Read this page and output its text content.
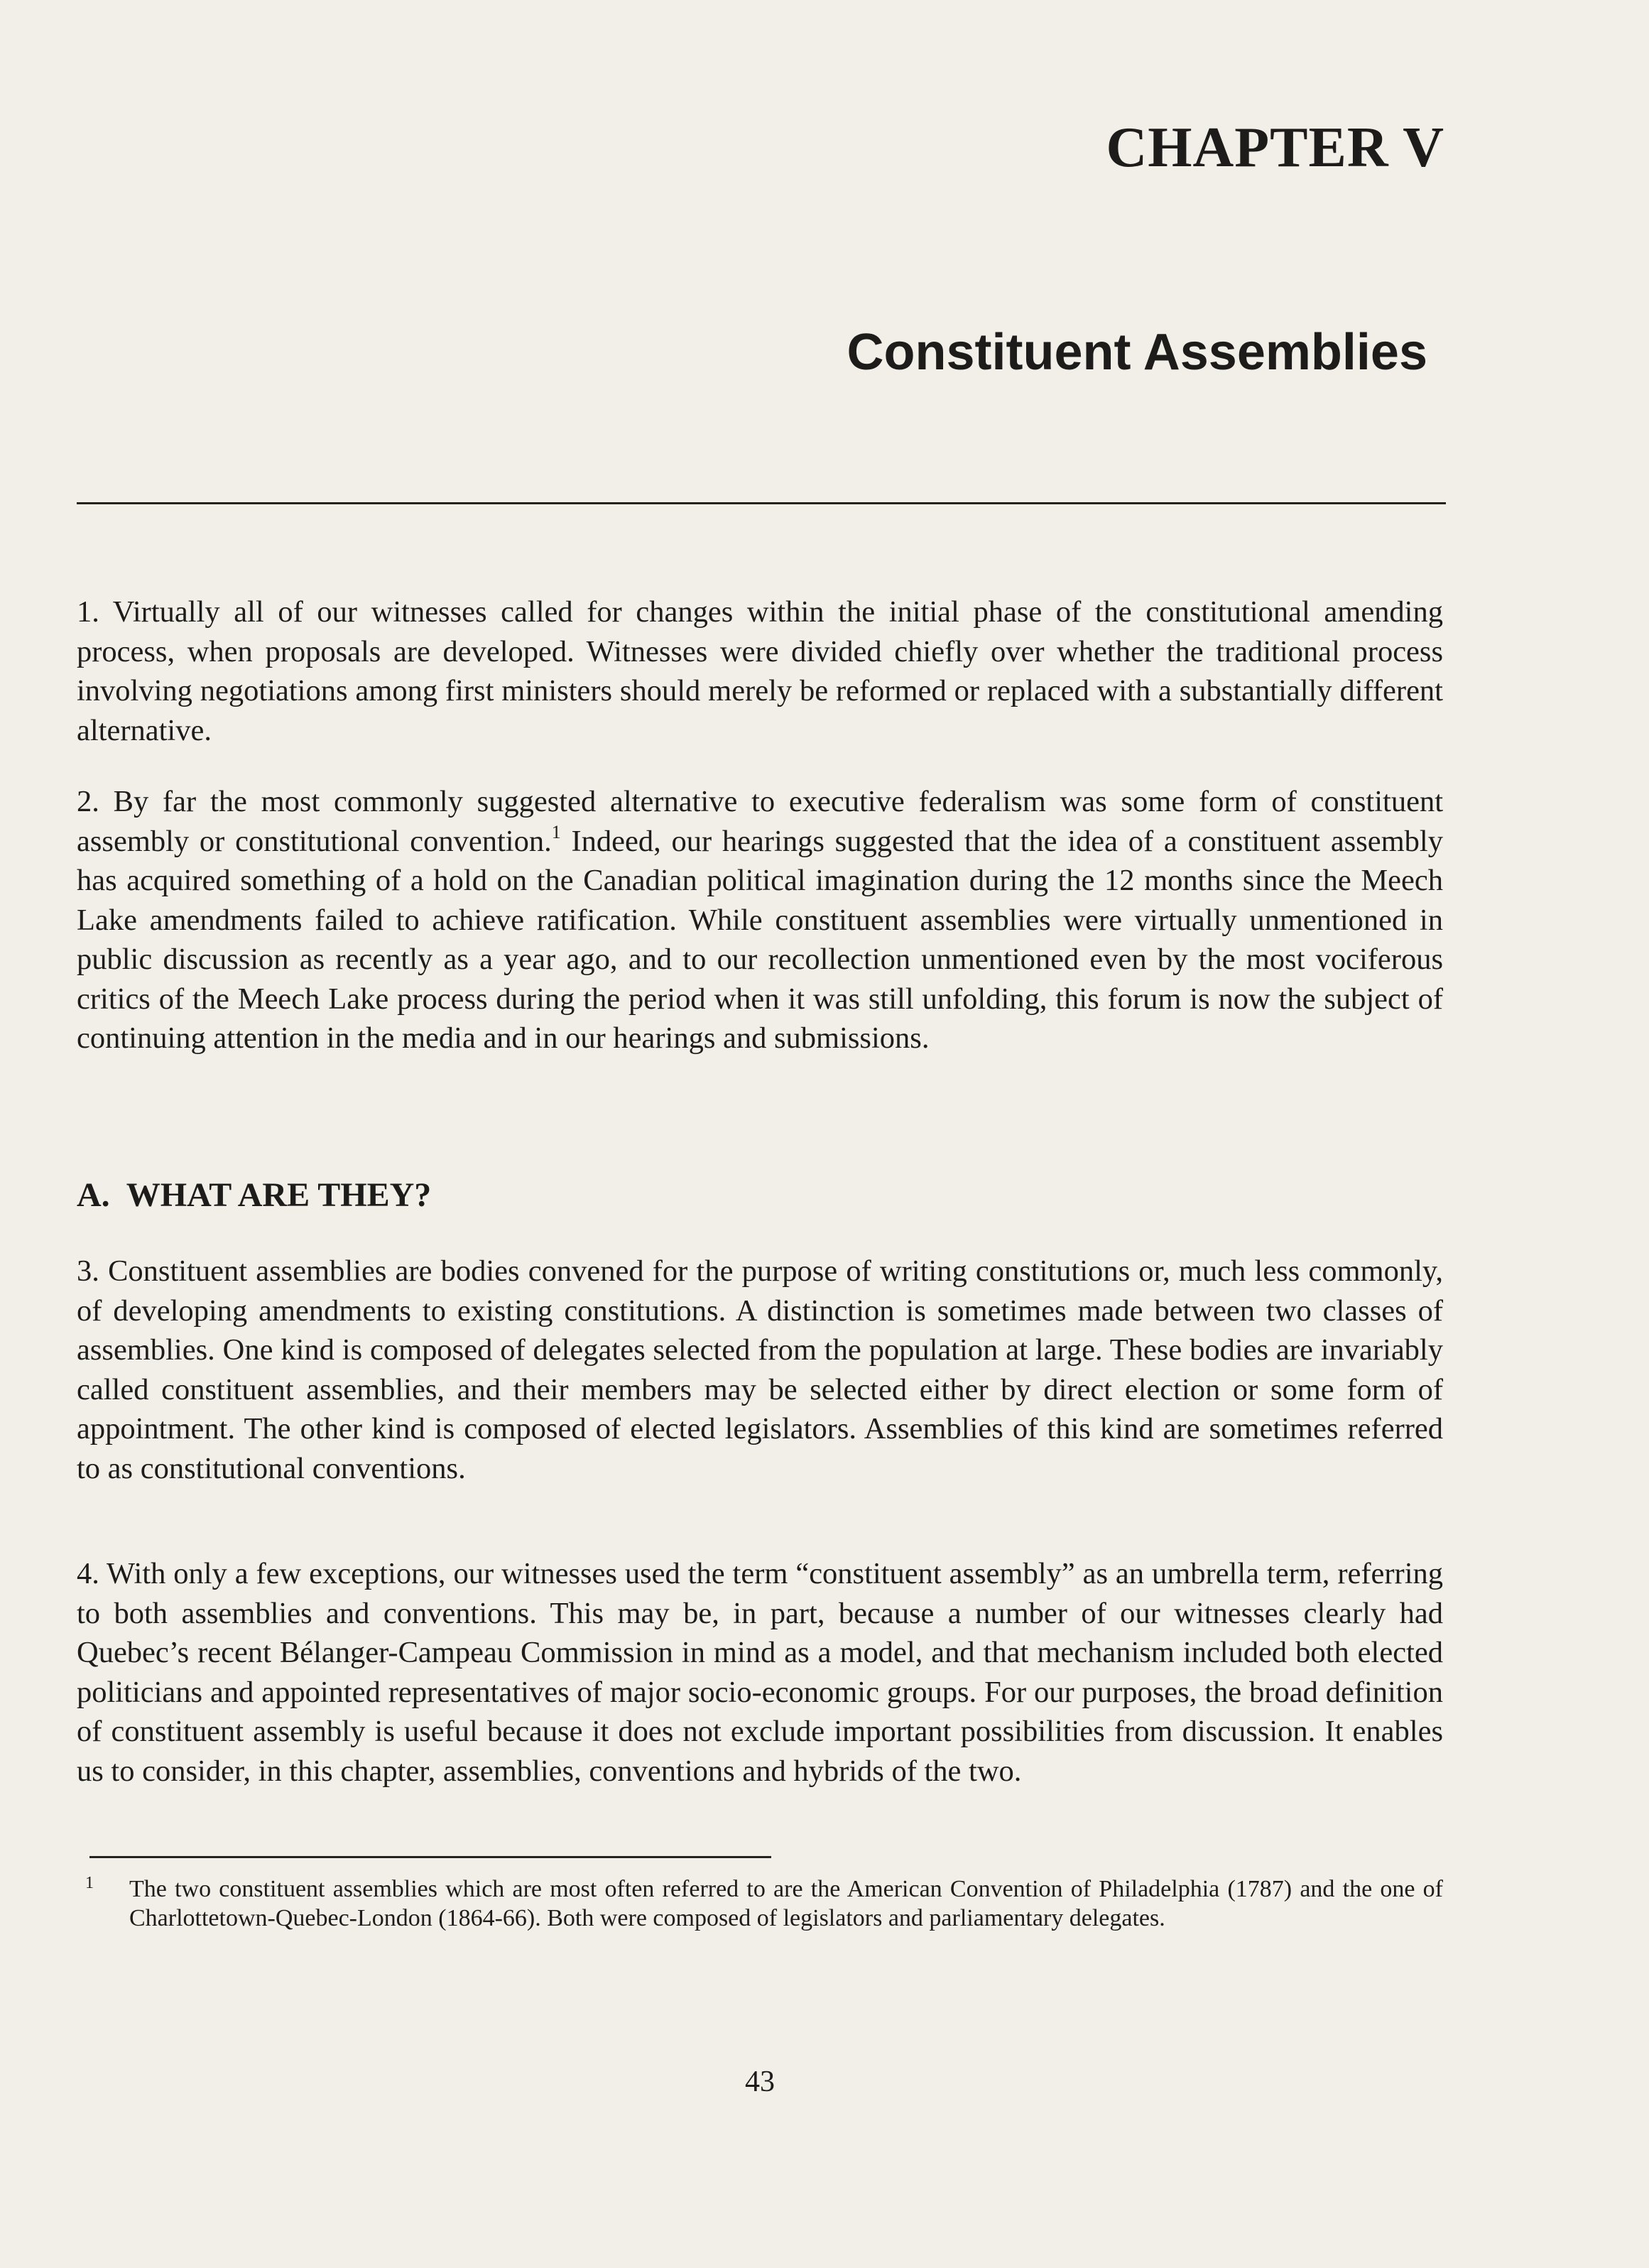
CHAPTER V
Constituent Assemblies

1. Virtually all of our witnesses called for changes within the initial phase of the constitutional amending process, when proposals are developed. Witnesses were divided chiefly over whether the traditional process involving negotiations among first ministers should merely be reformed or replaced with a substantially different alternative.

2. By far the most commonly suggested alternative to executive federalism was some form of constituent assembly or constitutional convention.$^1$ Indeed, our hearings suggested that the idea of a constituent assembly has acquired something of a hold on the Canadian political imagination during the 12 months since the Meech Lake amendments failed to achieve ratification. While constituent assemblies were virtually unmentioned in public discussion as recently as a year ago, and to our recollection unmentioned even by the most vociferous critics of the Meech Lake process during the period when it was still unfolding, this forum is now the subject of continuing attention in the media and in our hearings and submissions.

A.  WHAT ARE THEY?

3. Constituent assemblies are bodies convened for the purpose of writing constitutions or, much less commonly, of developing amendments to existing constitutions. A distinction is sometimes made between two classes of assemblies. One kind is composed of delegates selected from the population at large. These bodies are invariably called constituent assemblies, and their members may be selected either by direct election or some form of appointment. The other kind is composed of elected legislators. Assemblies of this kind are sometimes referred to as constitutional conventions.

4. With only a few exceptions, our witnesses used the term “constituent assembly” as an umbrella term, referring to both assemblies and conventions. This may be, in part, because a number of our witnesses clearly had Quebec’s recent Bélanger-Campeau Commission in mind as a model, and that mechanism included both elected politicians and appointed representatives of major socio-economic groups. For our purposes, the broad definition of constituent assembly is useful because it does not exclude important possibilities from discussion. It enables us to consider, in this chapter, assemblies, conventions and hybrids of the two.

1 The two constituent assemblies which are most often referred to are the American Convention of Philadelphia (1787) and the one of Charlottetown-Quebec-London (1864-66). Both were composed of legislators and parliamentary delegates.
43
